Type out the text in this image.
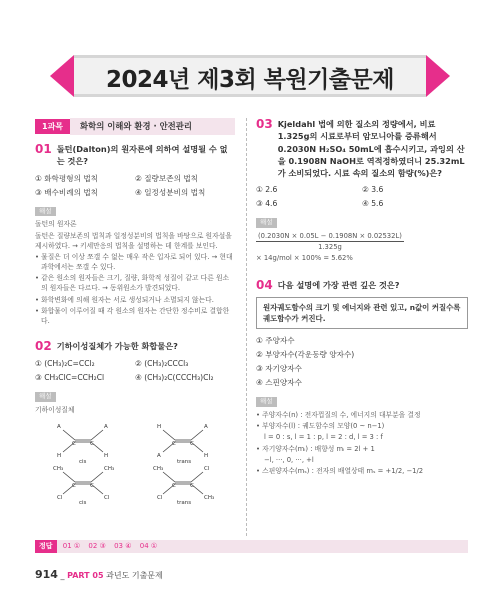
2024년 제3회 복원기출문제
1과목	화학의 이해와 환경 · 안전관리
01 돌턴(Dalton)의 원자론에 의하여 설명될 수 없는 것은?
① 화학평형의 법칙	② 질량보존의 법칙
③ 배수비례의 법칙	④ 일정성분비의 법칙
해설

돌턴의 원자론

돌턴은 질량보존의 법칙과 일정성분비의 법칙을 바탕으로 원자설을 제시하였다. → 키세만응의 법칙을 설명하는 데 한계를 보인다.

• 물질은 더 이상 쪼갤 수 없는 매우 작은 입자로 되어 있다. → 현대 과학에서는 쪼갤 수 있다.

• 같은 원소의 원자들은 크기, 질량, 화학적 성질이 같고 다른 원소의 원자들은 다르다. → 동위원소가 발견되었다.

• 화학변화에 의해 원자는 서로 생성되거나 소멸되지 않는다.

• 화합물이 이루어질 때 각 원소의 원자는 간단한 정수비로 결합한다.

02 기하이성질체가 가능한 화합물은?
① (CH₃)₂C=CCl₂	② (CH₃)₂CCCl₃
③ CH₃ClC=CCH₂Cl	④ (CH₃)₂C(CCCH₃)Cl₂
해설

기하이성질체

A	A
C	C
H	H
H	A
C	C
A	H
CH₃	CH₃
C	C
Cl	Cl
CH₃	Cl
C	C
Cl	CH₃
cis	trans
cis	trans
03 Kjeldahl 법에 의한 질소의 정량에서, 비료 1.325g의 시료로부터 암모니아를 증류해서 0.2030N H₂SO₄ 50mL에 흡수시키고, 과잉의 산을 0.1908N NaOH로 역적정하였더니 25.32mL가 소비되었다. 시료 속의 질소의 함량(%)은?
① 2.6	② 3.6
③ 4.6	④ 5.6
해설
$\frac{(0.2030N \times 0.05L - 0.1908N \times 0.02532L)}{1.325g}$

× 14g/mol × 100% = 5.62%

04 다음 설명에 가장 관련 깊은 것은?
원자궤도함수의 크기 및 에너지와 관련 있고, n값이 커질수록 궤도함수가 커진다.
① 주양자수
② 부양자수(각운동량 양자수)
③ 자기양자수
④ 스핀양자수
해설

• 주양자수(n) : 전자껍질의 수, 에너지의 대부분을 결정

• 부양자수(l) : 궤도함수의 모양(0 ~ n−1)

l = 0 : s, l = 1 : p, l = 2 : d, l = 3 : f

• 자기양자수(mₗ) : 배향성 mₗ = 2l + 1

−l, ···, 0, ···, +l

• 스핀양자수(mₛ) : 전자의 배열상태 mₛ = +1/2, −1/2

정답 01 ① 02 ③ 03 ④ 04 ①
914 _ PART 05 과년도 기출문제
